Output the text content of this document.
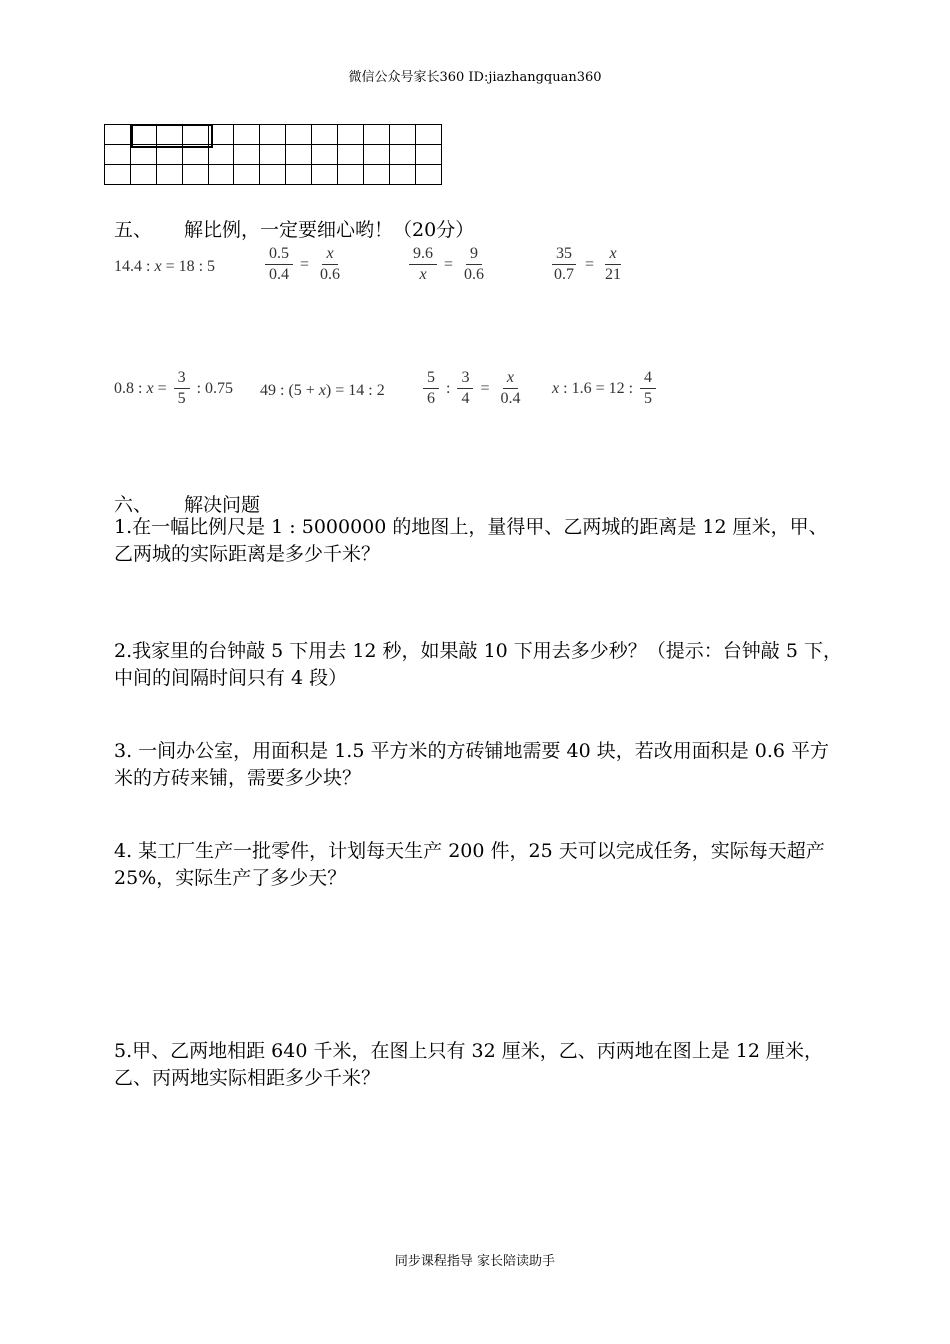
微信公众号家长360 ID:jiazhangquan360

五、 解比例，一定要细心哟！（20分）
14.4 : x = 18 : 5	$\frac{0.5}{0.4} = \frac{x}{0.6}$	$\frac{9.6}{x} = \frac{9}{0.6}$	$\frac{35}{0.7} = \frac{x}{21}$
0.8 : $x = \frac{3}{5}$ : 0.75 49 : (5 + x ) = 14 : $2 \frac{5}{6}$ : $\frac{3}{4} = \frac{x}{0.4}$ x : 1.6 = 12 : $\frac{4}{5}$
六、 解决问题
1.在一幅比例尺是 1 : 5000000 的地图上，量得甲、乙两城的距离是 12 厘米，甲、乙两城的实际距离是多少千米？
2.我家里的台钟敲 5 下用去 12 秒，如果敲 10 下用去多少秒？（提示：台钟敲 5 下，中间的间隔时间只有 4 段）
3. 一间办公室，用面积是 1.5 平方米的方砖铺地需要 40 块，若改用面积是 0.6 平方米的方砖来铺，需要多少块？
4. 某工厂生产一批零件，计划每天生产 200 件，25 天可以完成任务，实际每天超产 25%，实际生产了多少天？
5.甲、乙两地相距 640 千米，在图上只有 32 厘米，乙、丙两地在图上是 12 厘米，乙、丙两地实际相距多少千米？
同步课程指导 家长陪读助手
